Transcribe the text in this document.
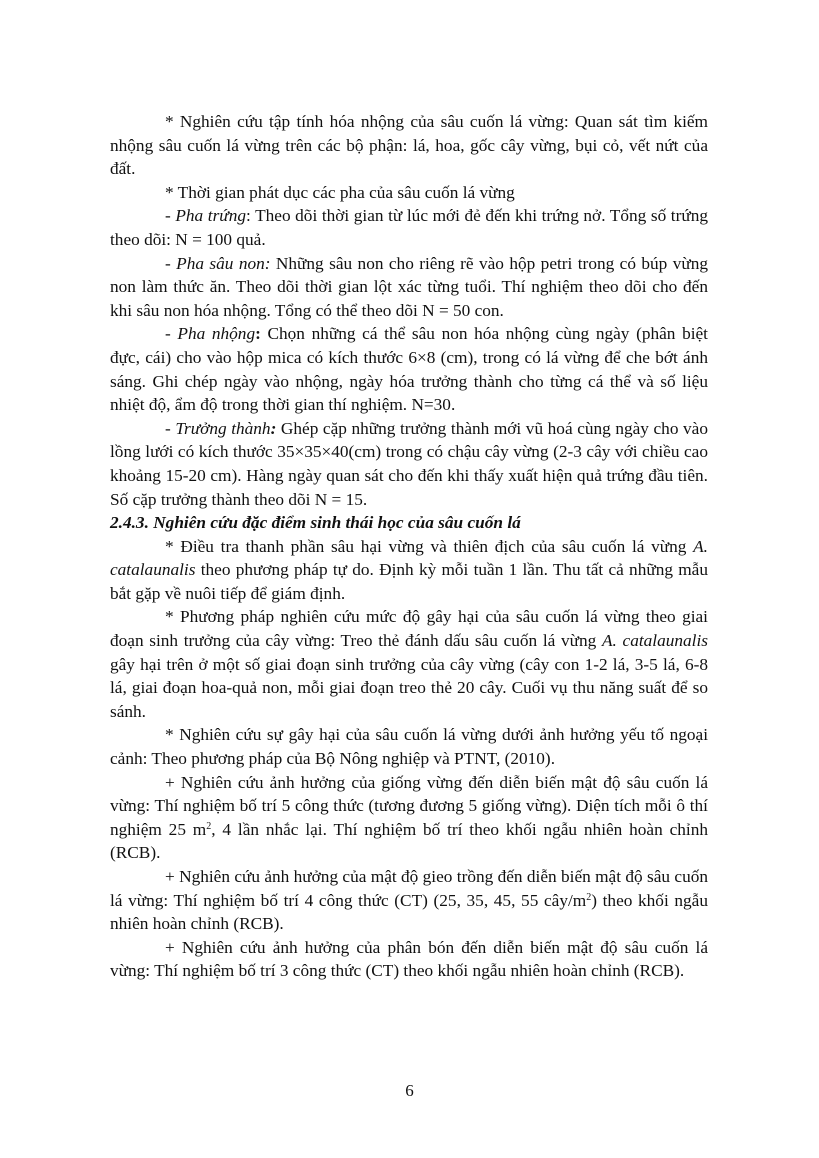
* Nghiên cứu tập tính hóa nhộng của sâu cuốn lá vừng: Quan sát tìm kiếm nhộng sâu cuốn lá vừng trên các bộ phận: lá, hoa, gốc cây vừng, bụi cỏ, vết nứt của đất.

* Thời gian phát dục các pha của sâu cuốn lá vừng

- Pha trứng: Theo dõi thời gian từ lúc mới đẻ đến khi trứng nở. Tổng số trứng theo dõi: N = 100 quả.

- Pha sâu non: Những sâu non cho riêng rẽ vào hộp petri trong có búp vừng non làm thức ăn. Theo dõi thời gian lột xác từng tuổi. Thí nghiệm theo dõi cho đến khi sâu non hóa nhộng. Tổng có thể theo dõi N = 50 con.

- Pha nhộng: Chọn những cá thể sâu non hóa nhộng cùng ngày (phân biệt đực, cái) cho vào hộp mica có kích thước 6×8 (cm), trong có lá vừng để che bớt ánh sáng. Ghi chép ngày vào nhộng, ngày hóa trưởng thành cho từng cá thể và số liệu nhiệt độ, ẩm độ trong thời gian thí nghiệm. N=30.

- Trưởng thành: Ghép cặp những trưởng thành mới vũ hoá cùng ngày cho vào lồng lưới có kích thước 35×35×40(cm) trong có chậu cây vừng (2-3 cây với chiều cao khoảng 15-20 cm). Hàng ngày quan sát cho đến khi thấy xuất hiện quả trứng đầu tiên. Số cặp trưởng thành theo dõi N = 15.

2.4.3. Nghiên cứu đặc điểm sinh thái học của sâu cuốn lá

* Điều tra thanh phần sâu hại vừng và thiên địch của sâu cuốn lá vừng A. catalaunalis theo phương pháp tự do. Định kỳ mỗi tuần 1 lần. Thu tất cả những mẫu bắt gặp về nuôi tiếp để giám định.

* Phương pháp nghiên cứu mức độ gây hại của sâu cuốn lá vừng theo giai đoạn sinh trưởng của cây vừng: Treo thẻ đánh dấu sâu cuốn lá vừng A. catalaunalis gây hại trên ở một số giai đoạn sinh trưởng của cây vừng (cây con 1-2 lá, 3-5 lá, 6-8 lá, giai đoạn hoa-quả non, mỗi giai đoạn treo thẻ 20 cây. Cuối vụ thu năng suất để so sánh.

* Nghiên cứu sự gây hại của sâu cuốn lá vừng dưới ảnh hưởng yếu tố ngoại cảnh: Theo phương pháp của Bộ Nông nghiệp và PTNT, (2010).

+ Nghiên cứu ảnh hưởng của giống vừng đến diễn biến mật độ sâu cuốn lá vừng: Thí nghiệm bố trí 5 công thức (tương đương 5 giống vừng). Diện tích mỗi ô thí nghiệm 25 $m^2$, 4 lần nhắc lại. Thí nghiệm bố trí theo khối ngẫu nhiên hoàn chỉnh (RCB).

+ Nghiên cứu ảnh hưởng của mật độ gieo trồng đến diễn biến mật độ sâu cuốn lá vừng: Thí nghiệm bố trí 4 công thức (CT) (25, 35, 45, 55 cây/$m^2$) theo khối ngẫu nhiên hoàn chỉnh (RCB).

+ Nghiên cứu ảnh hưởng của phân bón đến diễn biến mật độ sâu cuốn lá vừng: Thí nghiệm bố trí 3 công thức (CT) theo khối ngẫu nhiên hoàn chỉnh (RCB).

6
